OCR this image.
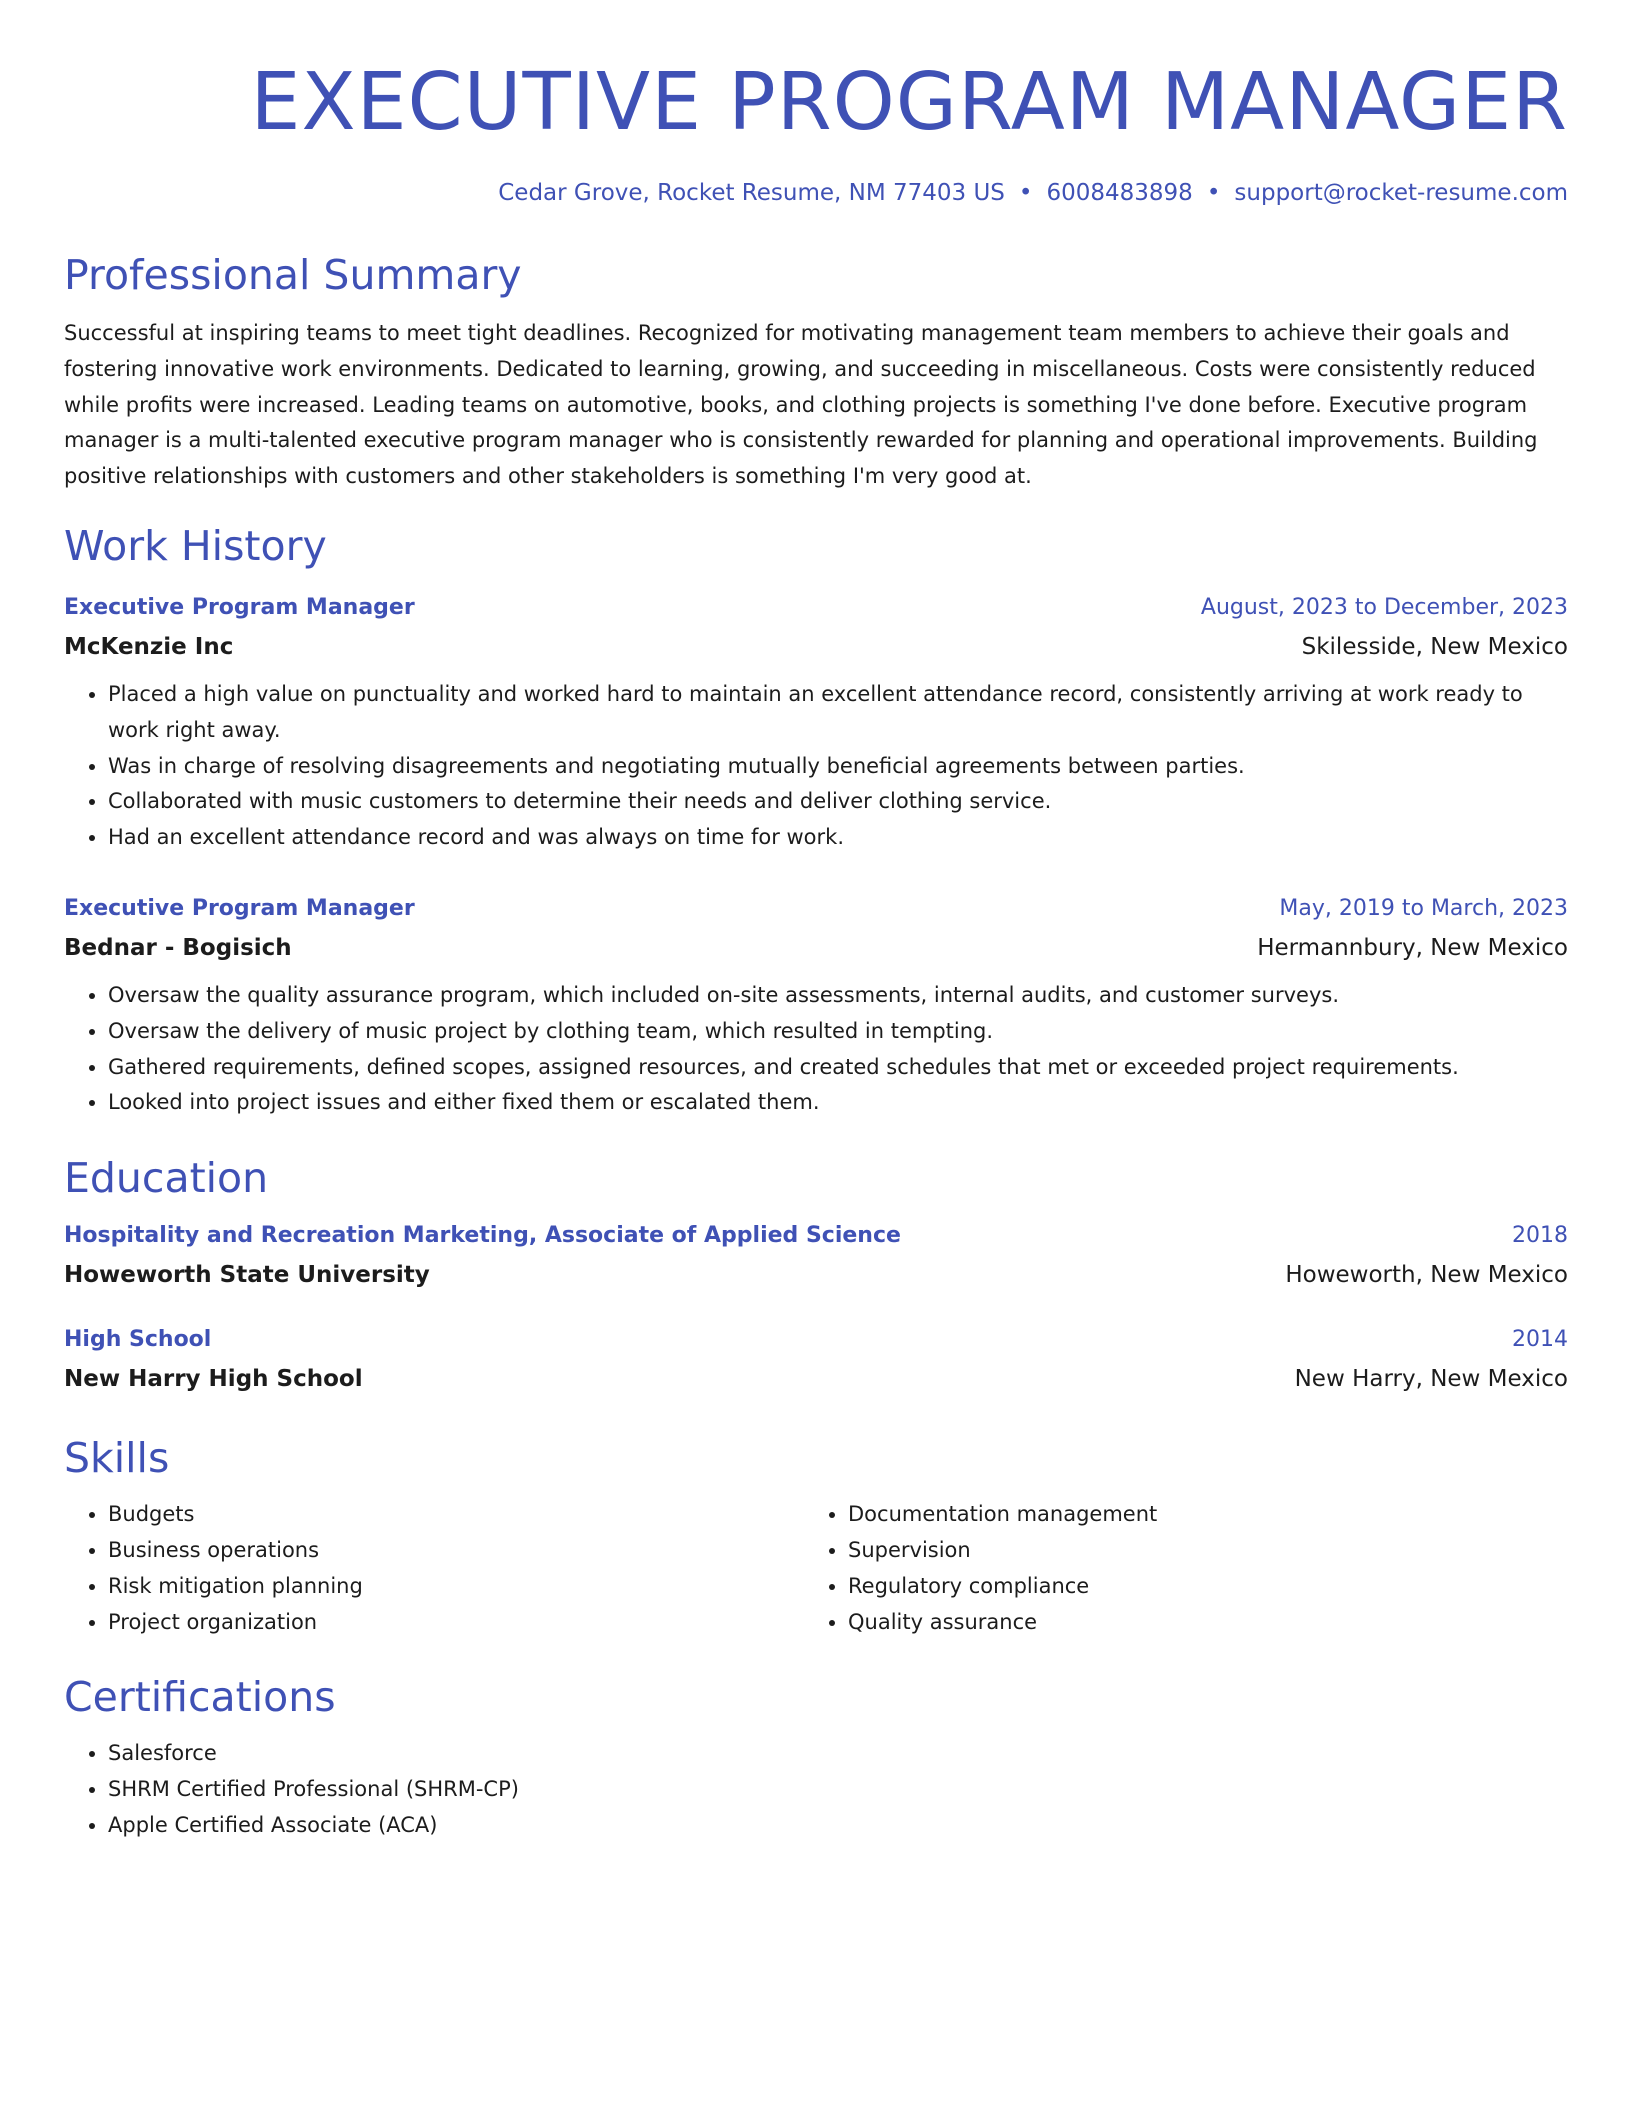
EXECUTIVE PROGRAM MANAGER
Cedar Grove, Rocket Resume, NM 77403 US • 6008483898 • support@rocket-resume.com
Professional Summary
Successful at inspiring teams to meet tight deadlines. Recognized for motivating management team members to achieve their goals and fostering innovative work environments. Dedicated to learning, growing, and succeeding in miscellaneous. Costs were consistently reduced while profits were increased. Leading teams on automotive, books, and clothing projects is something I've done before. Executive program manager is a multi-talented executive program manager who is consistently rewarded for planning and operational improvements. Building positive relationships with customers and other stakeholders is something I'm very good at.
Work History
Executive Program Manager	August, 2023 to December, 2023
McKenzie Inc	Skilesside, New Mexico
• Placed a high value on punctuality and worked hard to maintain an excellent attendance record, consistently arriving at work ready to work right away.
• Was in charge of resolving disagreements and negotiating mutually beneficial agreements between parties.
• Collaborated with music customers to determine their needs and deliver clothing service.
• Had an excellent attendance record and was always on time for work.
Executive Program Manager	May, 2019 to March, 2023
Bednar - Bogisich	Hermannbury, New Mexico
• Oversaw the quality assurance program, which included on-site assessments, internal audits, and customer surveys.
• Oversaw the delivery of music project by clothing team, which resulted in tempting.
• Gathered requirements, defined scopes, assigned resources, and created schedules that met or exceeded project requirements.
• Looked into project issues and either fixed them or escalated them.
Education
Hospitality and Recreation Marketing, Associate of Applied Science	2018
Howeworth State University	Howeworth, New Mexico
High School	2014
New Harry High School	New Harry, New Mexico
Skills
• Budgets
• Business operations
• Risk mitigation planning
• Project organization
• Documentation management
• Supervision
• Regulatory compliance
• Quality assurance
Certifications
• Salesforce
• SHRM Certified Professional (SHRM-CP)
• Apple Certified Associate (ACA)
